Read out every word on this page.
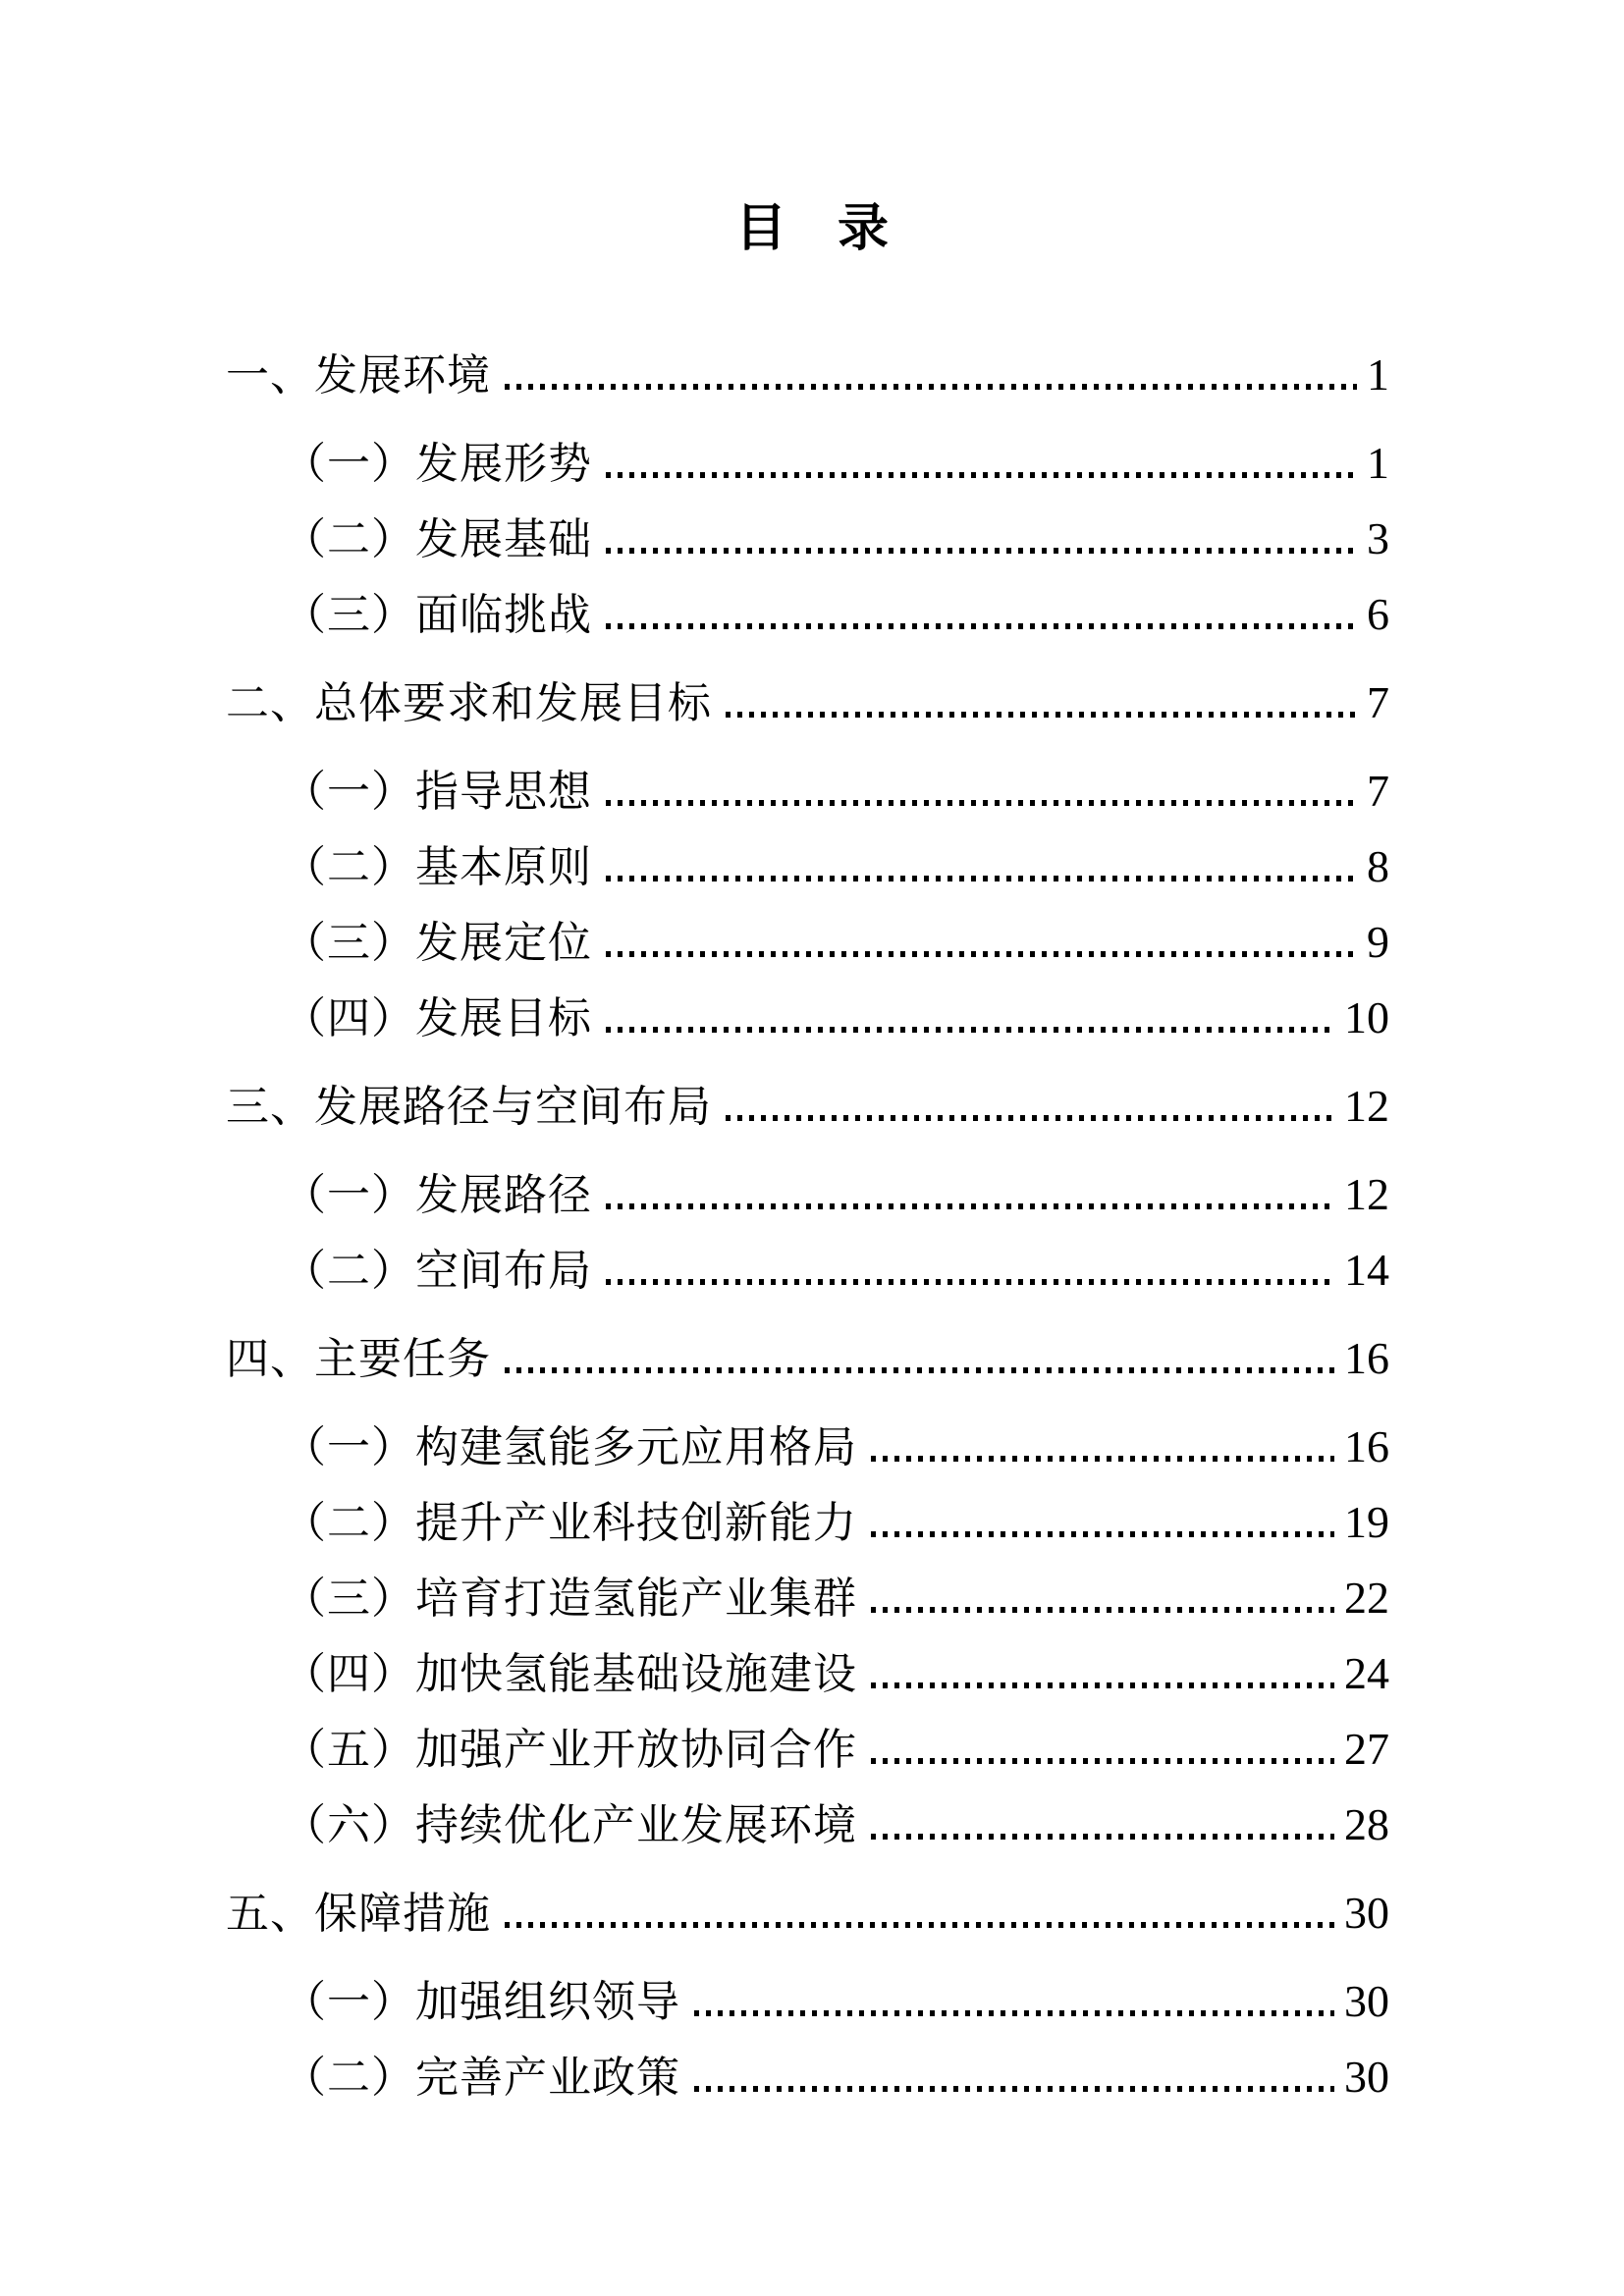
目　录
一、发展环境	1
（一）发展形势	1
（二）发展基础	3
（三）面临挑战	6
二、总体要求和发展目标	7
（一）指导思想	7
（二）基本原则	8
（三）发展定位	9
（四）发展目标	10
三、发展路径与空间布局	12
（一）发展路径	12
（二）空间布局	14
四、主要任务	16
（一）构建氢能多元应用格局	16
（二）提升产业科技创新能力	19
（三）培育打造氢能产业集群	22
（四）加快氢能基础设施建设	24
（五）加强产业开放协同合作	27
（六）持续优化产业发展环境	28
五、保障措施	30
（一）加强组织领导	30
（二）完善产业政策	30
